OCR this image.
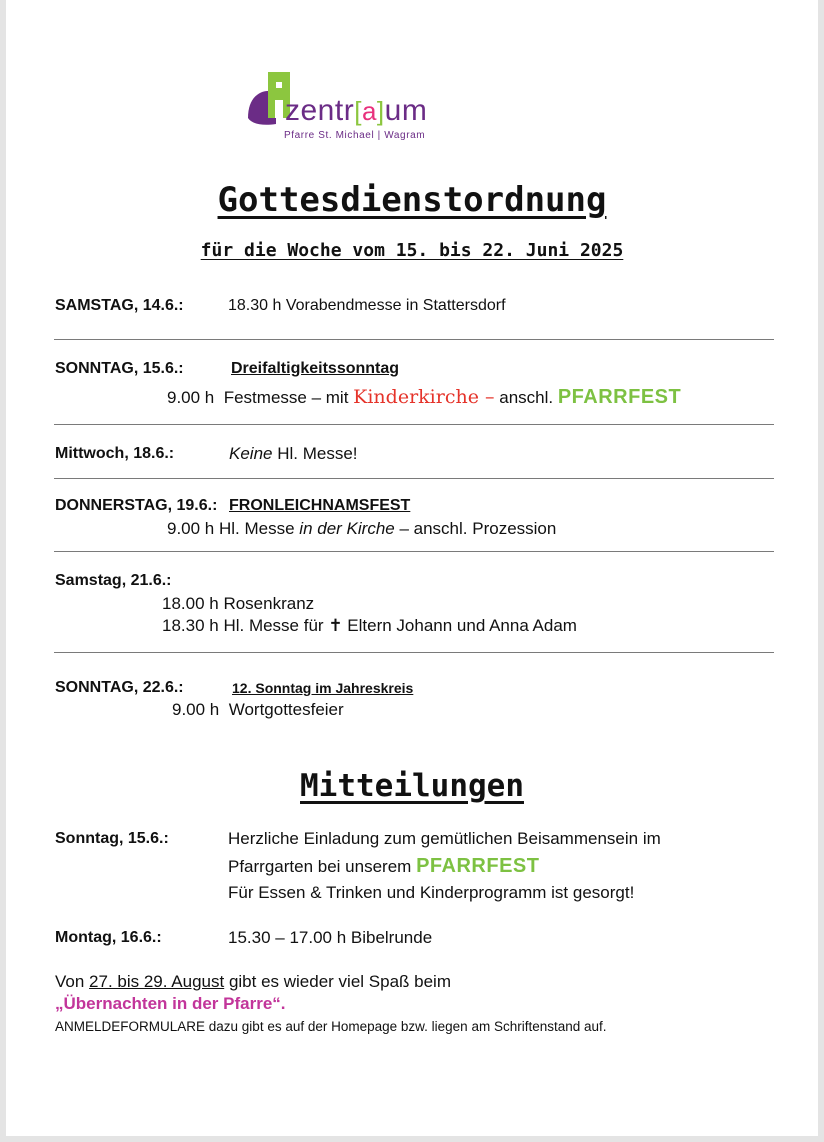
zentr[a]um
Pfarre St. Michael | Wagram
Gottesdienstordnung
für die Woche vom 15. bis 22. Juni 2025
SAMSTAG, 14.6.:	18.30 h Vorabendmesse in Stattersdorf
SONNTAG, 15.6.:	Dreifaltigkeitssonntag
9.00 h Festmesse – mit Kinderkirche – anschl. PFARRFEST
Mittwoch, 18.6.:	Keine Hl. Messe!
DONNERSTAG, 19.6.: FRONLEICHNAMSFEST
9.00 h Hl. Messe in der Kirche – anschl. Prozession
Samstag, 21.6.:
18.00 h Rosenkranz
18.30 h Hl. Messe für ✝ Eltern Johann und Anna Adam
SONNTAG, 22.6.:	12. Sonntag im Jahreskreis
9.00 h Wortgottesfeier
Mitteilungen
Sonntag, 15.6.:	Herzliche Einladung zum gemütlichen Beisammensein im
Pfarrgarten bei unserem PFARRFEST
Für Essen & Trinken und Kinderprogramm ist gesorgt!
Montag, 16.6.:	15.30 – 17.00 h Bibelrunde
Von 27. bis 29. August gibt es wieder viel Spaß beim
„Übernachten in der Pfarre“.
ANMELDEFORMULARE dazu gibt es auf der Homepage bzw. liegen am Schriftenstand auf.
